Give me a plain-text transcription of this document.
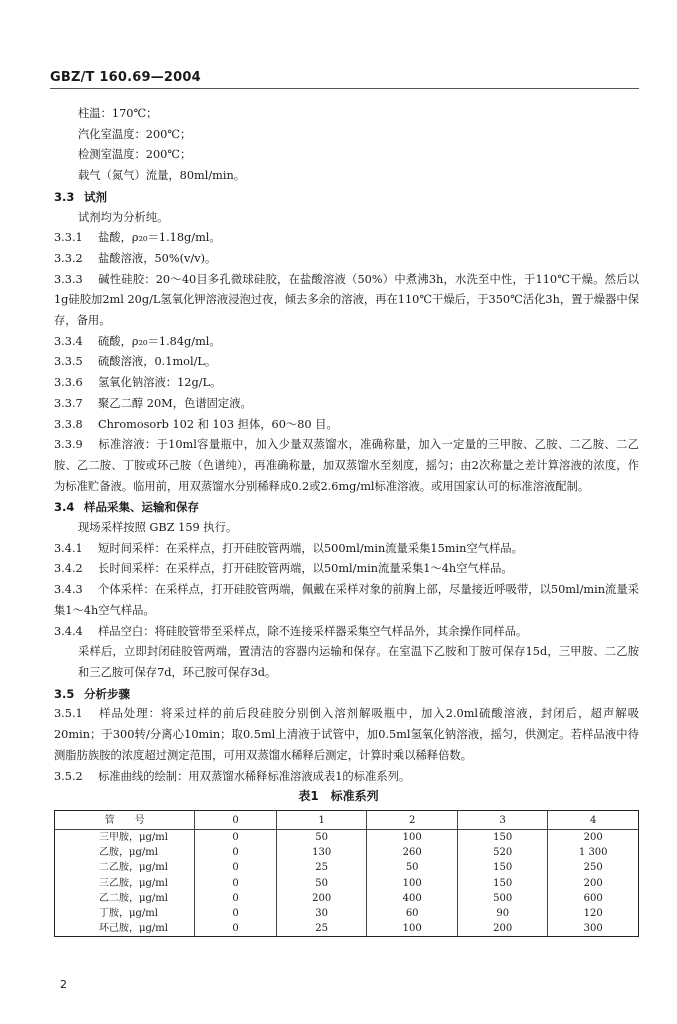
GBZ/T 160.69—2004

柱温：170℃；

汽化室温度：200℃；

检测室温度：200℃；

载气（氮气）流量，80ml/min。

3.3 试剂

试剂均为分析纯。

3.3.1 盐酸，ρ₂₀＝1.18g/ml。

3.3.2 盐酸溶液，50%(v/v)。

3.3.3 碱性硅胶：20～40目多孔微球硅胶，在盐酸溶液（50%）中煮沸3h，水洗至中性，于110℃干燥。然后以1g硅胶加2ml 20g/L氢氧化钾溶液浸泡过夜，倾去多余的溶液，再在110℃干燥后，于350℃活化3h，置于燥器中保存，备用。

3.3.4 硫酸，ρ₂₀＝1.84g/ml。

3.3.5 硫酸溶液，0.1mol/L。

3.3.6 氢氧化钠溶液：12g/L。

3.3.7 聚乙二醇 20M，色谱固定液。

3.3.8 Chromosorb 102 和 103 担体，60～80 目。

3.3.9 标准溶液：于10ml容量瓶中，加入少量双蒸馏水，准确称量，加入一定量的三甲胺、乙胺、二乙胺、二乙胺、乙二胺、丁胺或环己胺（色谱纯），再准确称量，加双蒸馏水至刻度，摇匀；由2次称量之差计算溶液的浓度，作为标准贮备液。临用前，用双蒸馏水分别稀释成0.2或2.6mg/ml标准溶液。或用国家认可的标准溶液配制。

3.4 样品采集、运输和保存

现场采样按照 GBZ 159 执行。

3.4.1 短时间采样：在采样点，打开硅胶管两端，以500ml/min流量采集15min空气样品。

3.4.2 长时间采样：在采样点，打开硅胶管两端，以50ml/min流量采集1～4h空气样品。

3.4.3 个体采样：在采样点，打开硅胶管两端，佩戴在采样对象的前胸上部，尽量接近呼吸带，以50ml/min流量采集1～4h空气样品。

3.4.4 样品空白：将硅胶管带至采样点，除不连接采样器采集空气样品外，其余操作同样品。

采样后，立即封闭硅胶管两端，置清洁的容器内运输和保存。在室温下乙胺和丁胺可保存15d，三甲胺、二乙胺和三乙胺可保存7d，环己胺可保存3d。

3.5 分析步骤

3.5.1 样品处理：将采过样的前后段硅胶分别倒入溶剂解吸瓶中，加入2.0ml硫酸溶液，封闭后，超声解吸20min；于300转/分离心10min；取0.5ml上清液于试管中，加0.5ml氢氧化钠溶液，摇匀，供测定。若样品液中待测脂肪族胺的浓度超过测定范围，可用双蒸馏水稀释后测定，计算时乘以稀释倍数。

3.5.2 标准曲线的绘制：用双蒸馏水稀释标准溶液成表1的标准系列。

表1　标准系列
管　　号	0	1	2	3	4
三甲胺，μg/ml	0	50	100	150	200
乙胺，μg/ml	0	130	260	520	1 300
二乙胺，μg/ml	0	25	50	150	250
三乙胺，μg/ml	0	50	100	150	200
乙二胺，μg/ml	0	200	400	500	600
丁胺，μg/ml	0	30	60	90	120
环己胺，μg/ml	0	25	100	200	300
2
